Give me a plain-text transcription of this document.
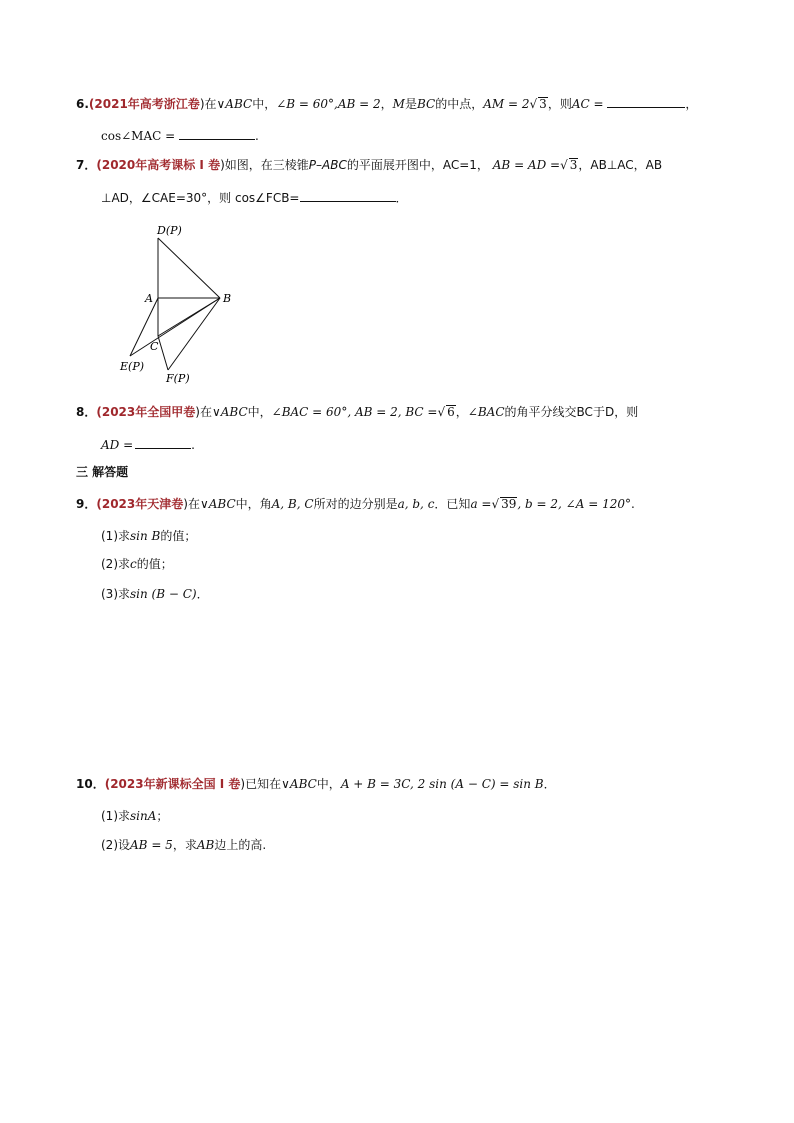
6.(2021年高考浙江卷)在∨ABC中，∠B = 60°,AB = 2，M是BC的中点，AM = 2√ 3，则AC =	，
cos∠MAC =	.
7．(2020年高考课标 I 卷)如图，在三棱锥P–ABC的平面展开图中，AC=1， AB = AD =√ 3，AB⊥AC，AB
⊥AD，∠CAE=30°，则 cos∠FCB=	．
D(P)
A	B
C
E(P)
F(P)
8．(2023年全国甲卷)在∨ABC中，∠BAC = 60°, AB = 2, BC =√ 6，∠BAC的角平分线交BC于D，则
AD =	.
三 解答题
9．(2023年天津卷)在∨ABC中，角A, B, C所对的边分别是a, b, c．已知a =√ 39, b = 2, ∠A = 120°.
(1)求sin B的值；
(2)求c的值；
(3)求sin (B − C)．
10．(2023年新课标全国 I 卷)已知在∨ABC中，A + B = 3C, 2 sin (A − C) = sin B．
(1)求sinA；
(2)设AB = 5，求AB边上的高.
